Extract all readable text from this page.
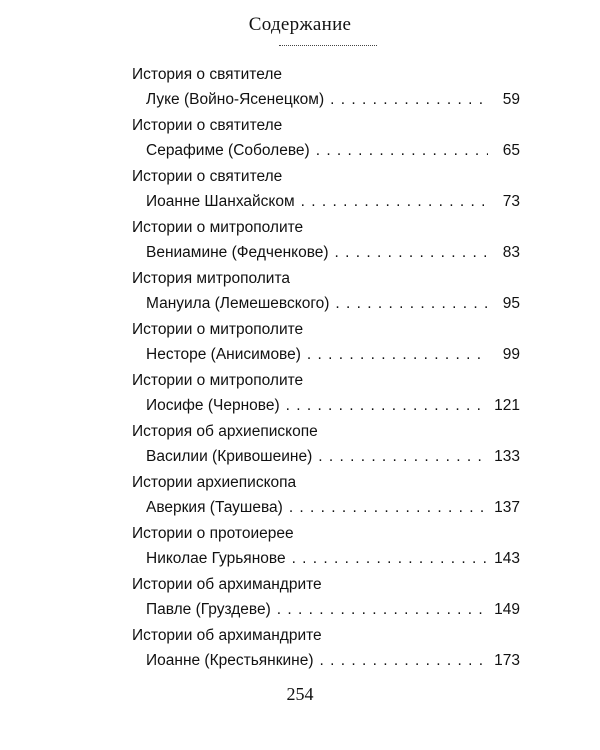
Содержание
История о святителе
Луке (Войно-Ясенецком) . . .	59
Истории о святителе
Серафиме (Соболеве) . . .	65
Истории о святителе
Иоанне Шанхайском . . .	73
Истории о митрополите
Вениамине (Федченкове) . . .	83
История митрополита
Мануила (Лемешевского) . . .	95
Истории о митрополите
Несторе (Анисимове) . . .	99
Истории о митрополите
Иосифе (Чернове) . . .	121
История об архиепископе
Василии (Кривошеине) . . .	133
Истории архиепископа
Аверкия (Таушева) . . .	137
Истории о протоиерее
Николае Гурьянове . . .	143
Истории об архимандрите
Павле (Груздеве) . . .	149
Истории об архимандрите
Иоанне (Крестьянкине) . . .	173
254
